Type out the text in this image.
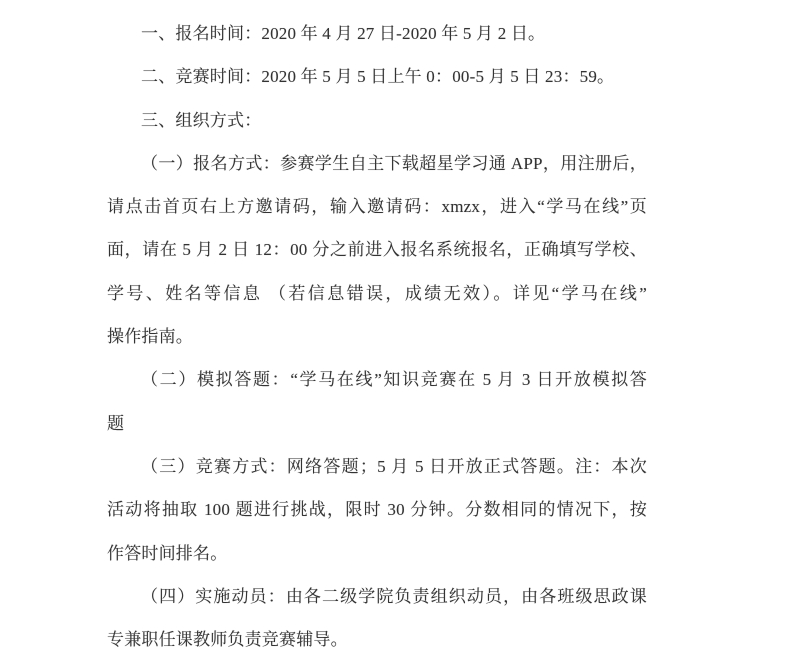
一、报名时间：2020 年 4 月 27 日-2020 年 5 月 2 日。
二、竞赛时间：2020 年 5 月 5 日上午 0：00-5 月 5 日 23：59。
三、组织方式：
（一）报名方式：参赛学生自主下载超星学习通 APP，用注册后，
请点击首页右上方邀请码，输入邀请码：xmzx，进入“学马在线”页
面，请在 5 月 2 日 12：00 分之前进入报名系统报名，正确填写学校、
学号、姓名等信息 （若信息错误，成绩无效）。详见“学马在线”
操作指南。
（二）模拟答题：“学马在线”知识竞赛在 5 月 3 日开放模拟答
题
（三）竞赛方式：网络答题；5 月 5 日开放正式答题。注：本次
活动将抽取 100 题进行挑战，限时 30 分钟。分数相同的情况下，按
作答时间排名。
（四）实施动员：由各二级学院负责组织动员，由各班级思政课
专兼职任课教师负责竞赛辅导。
